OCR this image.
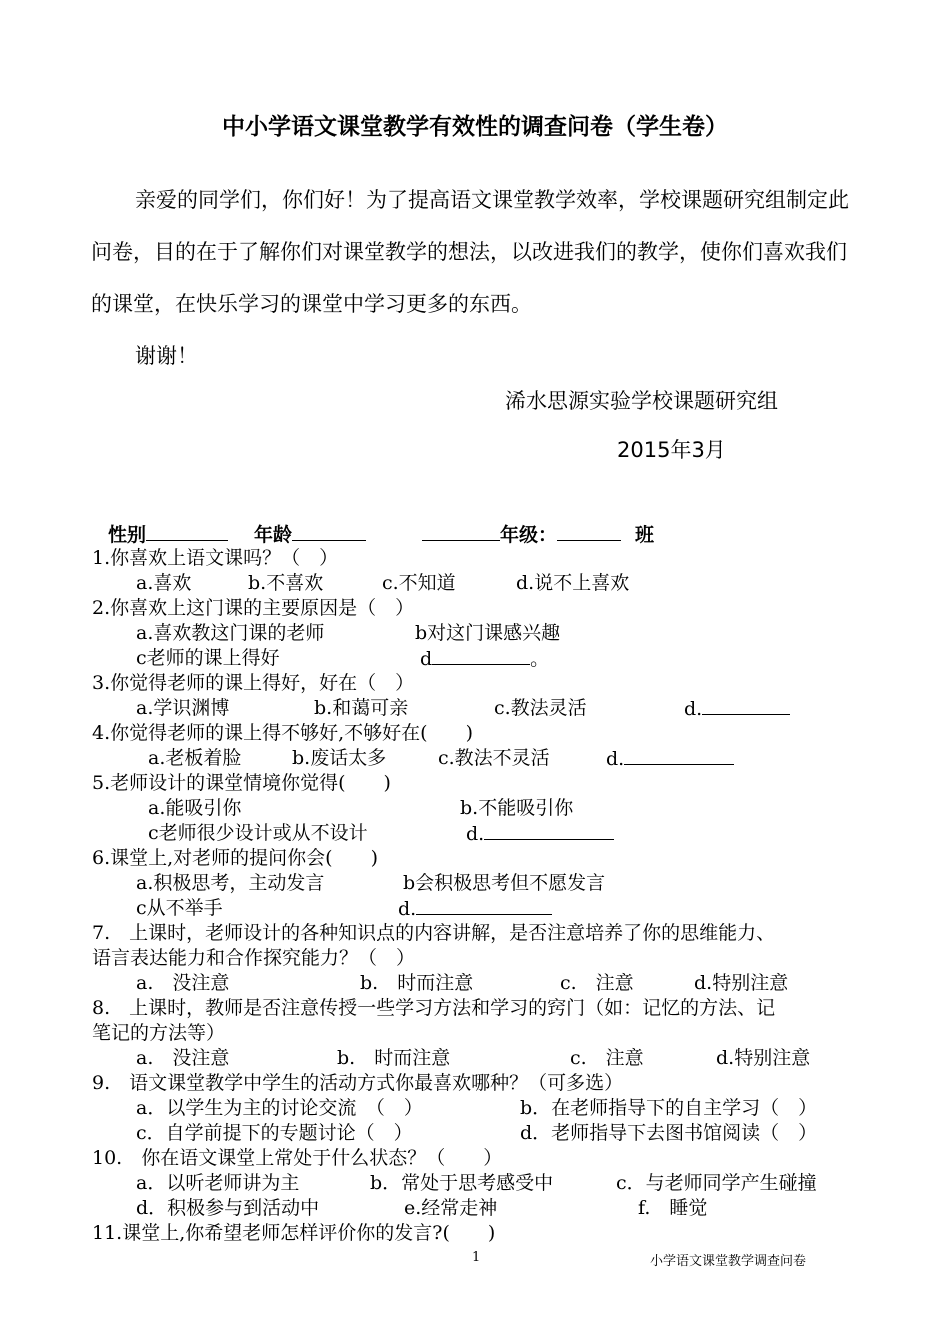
中小学语文课堂教学有效性的调查问卷（学生卷）

亲爱的同学们，你们好！为了提高语文课堂教学效率，学校课题研究组制定此问卷，目的在于了解你们对课堂教学的想法，以改进我们的教学，使你们喜欢我们的课堂，在快乐学习的课堂中学习更多的东西。

谢谢！

浠水思源实验学校课题研究组
2015年3月
性别	年龄	年级：	班
1.你喜欢上语文课吗？（　）
a.喜欢	b.不喜欢	c.不知道	d.说不上喜欢
2.你喜欢上这门课的主要原因是（　）
a.喜欢教这门课的老师	b对这门课感兴趣
c老师的课上得好	d	。
3.你觉得老师的课上得好，好在（　）
a.学识渊博	b.和蔼可亲	c.教法灵活	d.
4.你觉得老师的课上得不够好,不够好在(　　)
a.老板着脸	b.废话太多	c.教法不灵活	d.
5.老师设计的课堂情境你觉得(　　)
a.能吸引你	b.不能吸引你
c老师很少设计或从不设计	d.
6.课堂上,对老师的提问你会(　　)
a.积极思考，主动发言	b会积极思考但不愿发言
c从不举手	d.
7.　上课时，老师设计的各种知识点的内容讲解，是否注意培养了你的思维能力、
语言表达能力和合作探究能力？（　）
a.　没注意	b.　时而注意	c.　注意	d.特别注意
8.　上课时，教师是否注意传授一些学习方法和学习的窍门（如：记忆的方法、记
笔记的方法等）
a.　没注意	b.　时而注意	c.　注意	d.特别注意
9.　语文课堂教学中学生的活动方式你最喜欢哪种？（可多选）
a．以学生为主的讨论交流　（　）	b．在老师指导下的自主学习（　）
c．自学前提下的专题讨论（　）	d．老师指导下去图书馆阅读（　）
10.　你在语文课堂上常处于什么状态？（　　）
a．以听老师讲为主	b．常处于思考感受中	c．与老师同学产生碰撞
d．积极参与到活动中	e.经常走神	f.　睡觉
11.课堂上,你希望老师怎样评价你的发言?(　　)
1	小学语文课堂教学调查问卷
